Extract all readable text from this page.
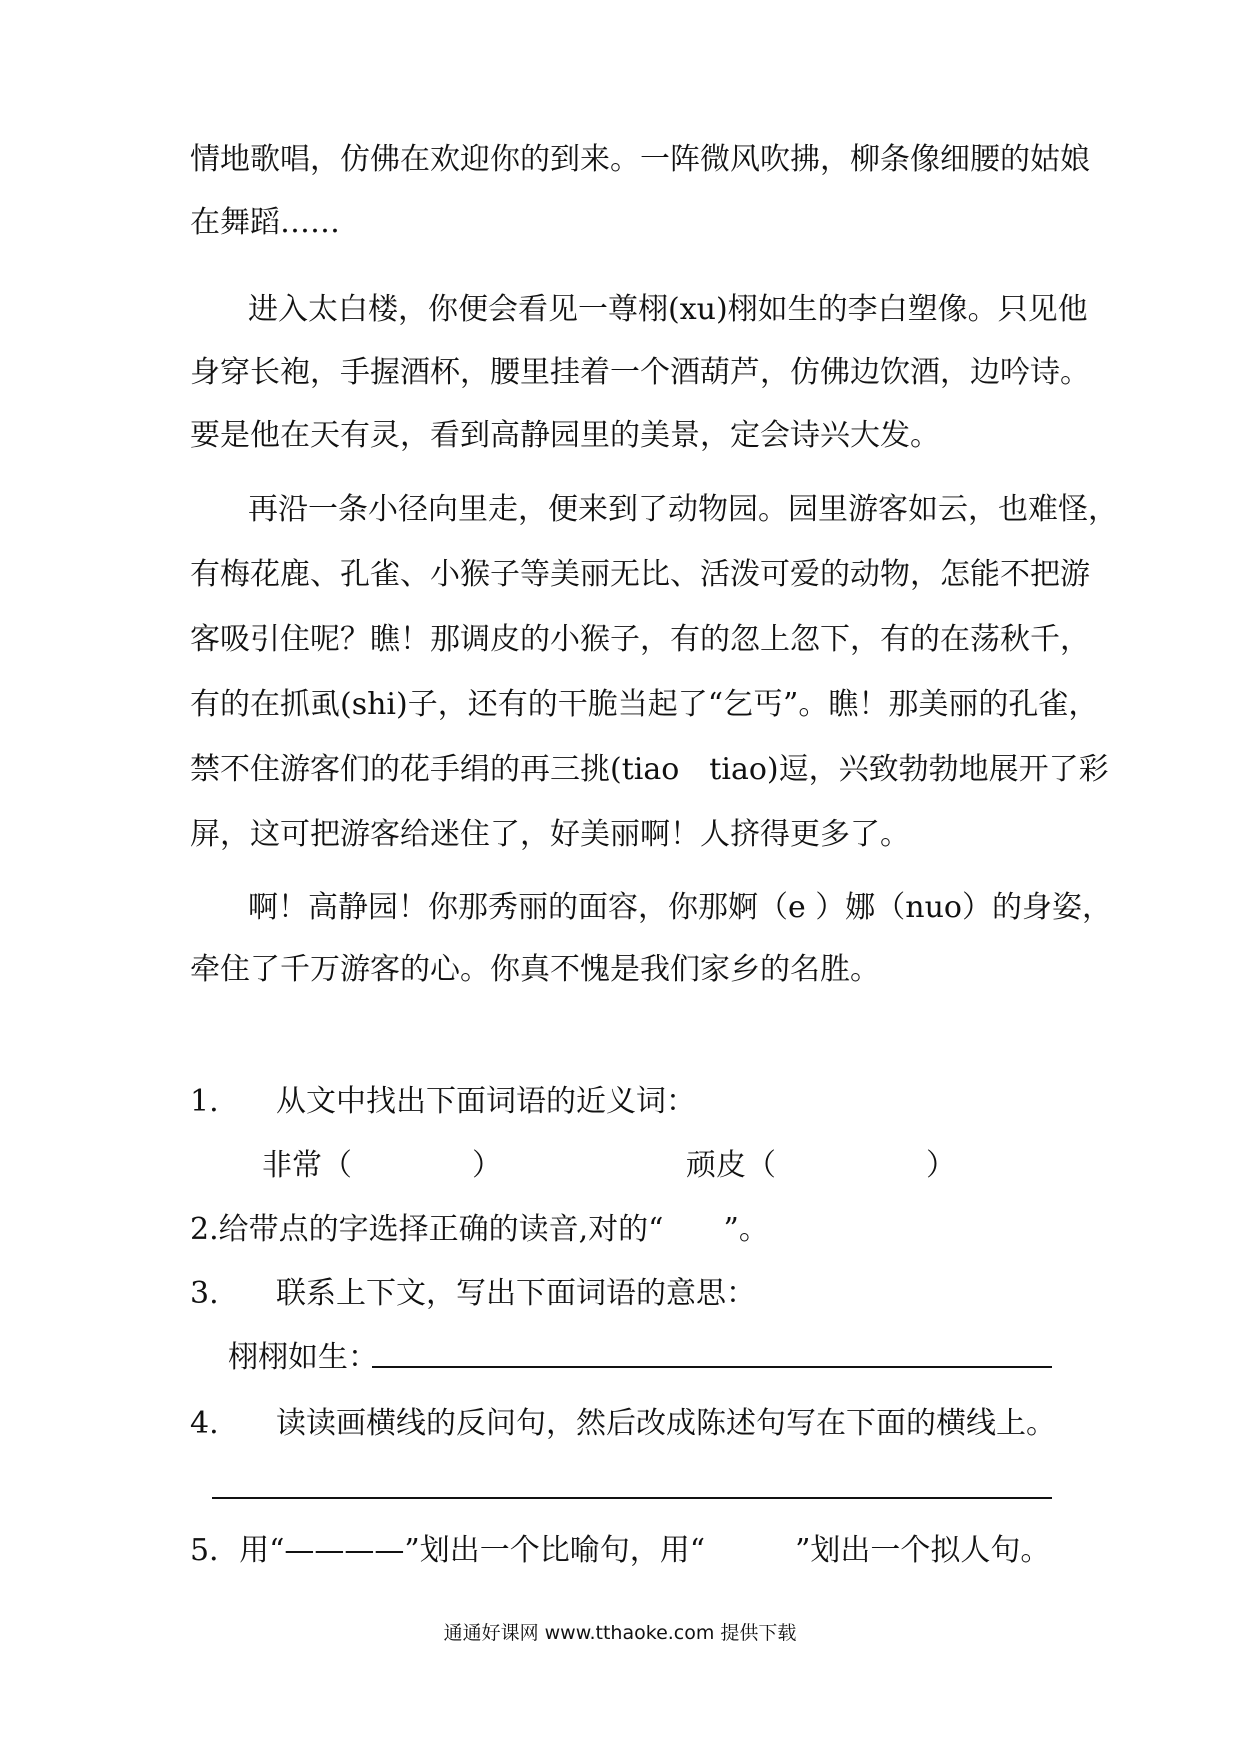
情地歌唱，仿佛在欢迎你的到来。一阵微风吹拂，柳条像细腰的姑娘
在舞蹈……
进入太白楼，你便会看见一尊栩(xu)栩如生的李白塑像。只见他
身穿长袍，手握酒杯，腰里挂着一个酒葫芦，仿佛边饮酒，边吟诗。
要是他在天有灵，看到高静园里的美景，定会诗兴大发。
再沿一条小径向里走，便来到了动物园。园里游客如云，也难怪，
有梅花鹿、孔雀、小猴子等美丽无比、活泼可爱的动物，怎能不把游
客吸引住呢？瞧！那调皮的小猴子，有的忽上忽下，有的在荡秋千，
有的在抓虱(shi)子，还有的干脆当起了“乞丐”。瞧！那美丽的孔雀，
禁不住游客们的花手绢的再三挑(tiao　tiao)逗，兴致勃勃地展开了彩
屏，这可把游客给迷住了，好美丽啊！人挤得更多了。
啊！高静园！你那秀丽的面容，你那婀（e ）娜（nuo）的身姿，
牵住了千万游客的心。你真不愧是我们家乡的名胜。
1. 从文中找出下面词语的近义词：
非常（　　　　）	顽皮（　　　　　）
2.给带点的字选择正确的读音,对的“　　”。
3. 联系上下文，写出下面词语的意思：
栩栩如生：
4. 读读画横线的反问句，然后改成陈述句写在下面的横线上。
5．用“————”划出一个比喻句，用“　　　”划出一个拟人句。
通通好课网 www.tthaoke.com 提供下载
